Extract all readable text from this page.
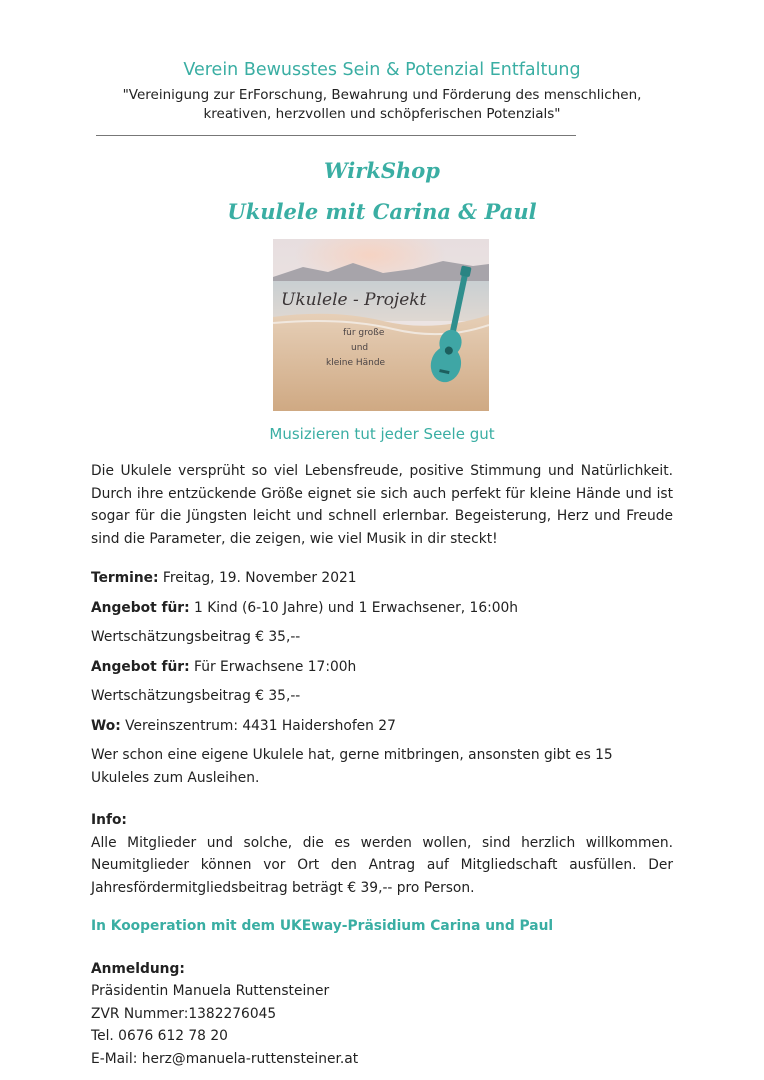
Verein Bewusstes Sein & Potenzial Entfaltung
"Vereinigung zur ErForschung, Bewahrung und Förderung des menschlichen,
kreativen, herzvollen und schöpferischen Potenzials"
WirkShop
Ukulele mit Carina & Paul
Ukulele - Projekt
für große
und
kleine Hände
Musizieren tut jeder Seele gut
Die Ukulele versprüht so viel Lebensfreude, positive Stimmung und Natürlichkeit. Durch ihre entzückende Größe eignet sie sich auch perfekt für kleine Hände und ist sogar für die Jüngsten leicht und schnell erlernbar. Begeisterung, Herz und Freude sind die Parameter, die zeigen, wie viel Musik in dir steckt!
Termine: Freitag, 19. November 2021
Angebot für: 1 Kind (6-10 Jahre) und 1 Erwachsener, 16:00h
Wertschätzungsbeitrag € 35,--
Angebot für: Für Erwachsene 17:00h
Wertschätzungsbeitrag € 35,--
Wo: Vereinszentrum: 4431 Haidershofen 27
Wer schon eine eigene Ukulele hat, gerne mitbringen, ansonsten gibt es 15 Ukuleles zum Ausleihen.
Info:
Alle Mitglieder und solche, die es werden wollen, sind herzlich willkommen. Neumitglieder können vor Ort den Antrag auf Mitgliedschaft ausfüllen. Der Jahresfördermitgliedsbeitrag beträgt € 39,-- pro Person.
In Kooperation mit dem UKEway-Präsidium Carina und Paul
Anmeldung:
Präsidentin Manuela Ruttensteiner
ZVR Nummer:1382276045
Tel. 0676 612 78 20
E-Mail: herz@manuela-ruttensteiner.at
